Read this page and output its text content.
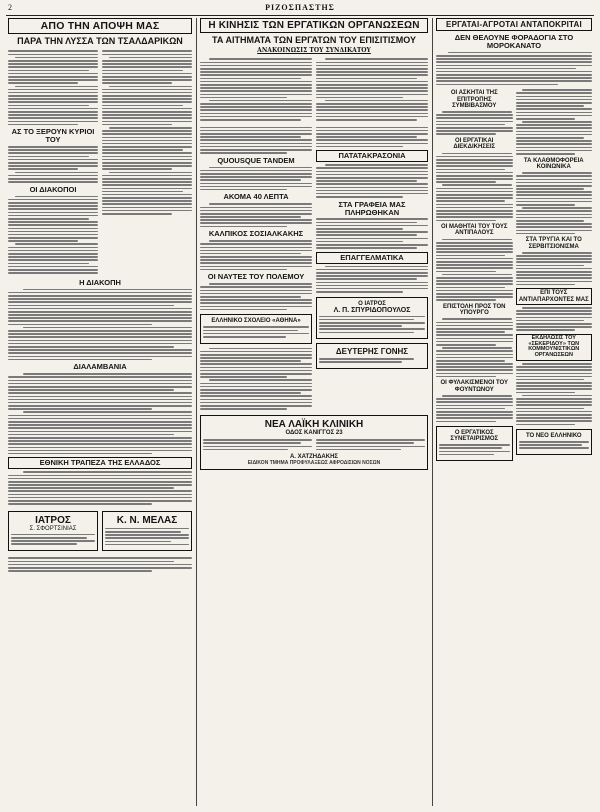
2	ΡΙΖΟΣΠΑΣΤΗΣ
ΑΠΟ ΤΗΝ ΑΠΟΨΗ ΜΑΣ
ΠΑΡΑ ΤΗΝ ΛΥΣΣΑ ΤΩΝ ΤΣΑΛΔΑΡΙΚΩΝ
ΑΣ ΤΟ ΞΕΡΟΥΝ ΚΥΡΙΟΙ ΤΟΥ
ΟΙ ΔΙΑΚΟΠΟΙ
Η ΔΙΑΚΟΠΗ
ΔΙΑΛΑΜΒΑΝΙΑ
ΕΘΝΙΚΗ ΤΡΑΠΕΖΑ ΤΗΣ ΕΛΛΑΔΟΣ
ΙΑΤΡΟΣ
Σ. ΣΦΟΡΤΣΙΝΙΑΣ
Κ. Ν. ΜΕΛΑΣ
Η ΚΙΝΗΣΙΣ ΤΩΝ ΕΡΓΑΤΙΚΩΝ ΟΡΓΑΝΩΣΕΩΝ
ΤΑ ΑΙΤΗΜΑΤΑ ΤΩΝ ΕΡΓΑΤΩΝ ΤΟΥ ΕΠΙΣΙΤΙΣΜΟΥ
ΑΝΑΚΟΙΝΩΣΙΣ ΤΟΥ ΣΥΝΔΙΚΑΤΟΥ
QUOUSQUE TANDEM
ΑΚΟΜΑ 40 ΛΕΠΤΑ
ΚΑΛΠΙΚΟΣ ΣΟΣΙΑΛΚΑΚΗΣ
ΟΙ ΝΑΥΤΕΣ ΤΟΥ ΠΟΛΕΜΟΥ
ΕΛΛΗΝΙΚΟ ΣΧΟΛΕΙΟ «ΑΘΗΝΑ»
ΠΑΤΑΤΑΚΡΑΣΟΝΙΑ
ΣΤΑ ΓΡΑΦΕΙΑ ΜΑΣ ΠΛΗΡΩΘΗΚΑΝ
ΕΠΑΓΓΕΛΜΑΤΙΚΑ
Ο ΙΑΤΡΟΣ
Λ. Π. ΣΠΥΡΙΔΟΠΟΥΛΟΣ
ΔΕΥΤΕΡΗΣ ΓΟΝΗΣ
ΝΕΑ ΛΑΪΚΗ ΚΛΙΝΙΚΗ
ΟΔΟΣ ΚΑΝΙΓΓΟΣ 23
Α. ΧΑΤΖΗΔΑΚΗΣ
ΕΙΔΙΚΟΝ ΤΜΗΜΑ ΠΡΟΦΥΛΑΞΕΩΣ ΑΦΡΟΔΙΣΙΩΝ ΝΟΣΩΝ
ΕΡΓΑΤΑΙ-ΑΓΡΟΤΑΙ ΑΝΤΑΠΟΚΡΙΤΑΙ
ΔΕΝ ΘΕΛΟΥΝΕ ΦΟΡΑΔΟΓΙΑ ΣΤΟ ΜΟΡΟΚΑΝΑΤΟ
ΟΙ ΑΣΚΗΤΑΙ ΤΗΣ ΕΠΙΤΡΟΠΗΣ ΣΥΜΒΙΒΑΣΜΟΥ
ΟΙ ΕΡΓΑΤΙΚΑΙ ΔΙΕΚΔΙΚΗΣΕΙΣ
ΟΙ ΜΑΘΗΤΑΙ ΤΟΥ ΤΟΥΣ ΑΝΤΙΠΑΛΟΥΣ
ΕΠΙΣΤΟΛΗ ΠΡΟΣ ΤΟΝ ΥΠΟΥΡΓΟ
ΟΙ ΦΥΛΑΚΙΣΜΕΝΟΙ ΤΟΥ ΦΟΥΝΤΩΝΟΥ
Ο ΕΡΓΑΤΙΚΟΣ ΣΥΝΕΤΑΙΡΙΣΜΟΣ
ΤΑ ΚΛΑΘΜΟΦΟΡΕΙΑ ΚΟΙΝΩΝΙΚΑ
ΣΤΑ ΤΡΥΓΙΑ ΚΑΙ ΤΟ ΣΕΡΒΙΤΣΙΟΝΙΣΜΑ
ΕΠΙ ΤΟΥΣ ΑΝΤΙΑΠΑΡΧΟΝΤΕΣ ΜΑΣ
ΕΚΔΗΛΩΣΙΣ ΤΟΥ «ΣΕΚΕΡΙΔΟΥ» ΤΩΝ ΚΟΜΜΟΥΝΙΣΤΙΚΩΝ ΟΡΓΑΝΩΣΕΩΝ
ΤΟ ΝΕΟ ΕΛΛΗΝΙΚΟ
